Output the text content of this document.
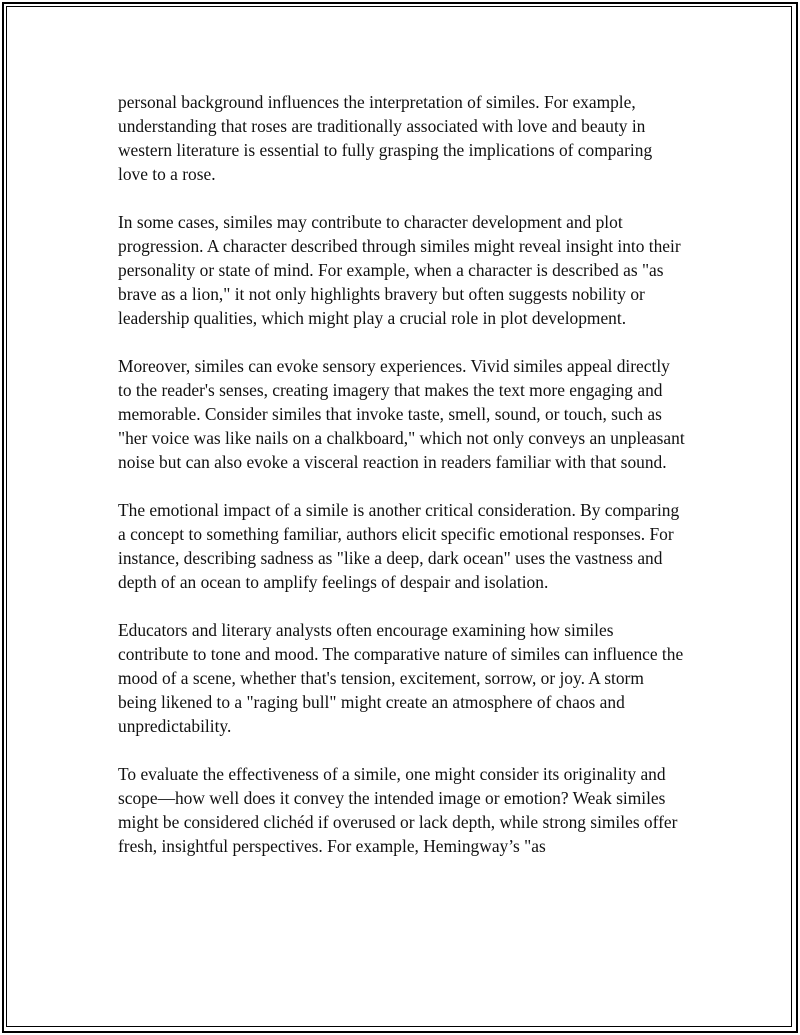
personal background influences the interpretation of similes. For example, understanding that roses are traditionally associated with love and beauty in western literature is essential to fully grasping the implications of comparing love to a rose.

In some cases, similes may contribute to character development and plot progression. A character described through similes might reveal insight into their personality or state of mind. For example, when a character is described as "as brave as a lion," it not only highlights bravery but often suggests nobility or leadership qualities, which might play a crucial role in plot development.

Moreover, similes can evoke sensory experiences. Vivid similes appeal directly to the reader's senses, creating imagery that makes the text more engaging and memorable. Consider similes that invoke taste, smell, sound, or touch, such as "her voice was like nails on a chalkboard," which not only conveys an unpleasant noise but can also evoke a visceral reaction in readers familiar with that sound.

The emotional impact of a simile is another critical consideration. By comparing a concept to something familiar, authors elicit specific emotional responses. For instance, describing sadness as "like a deep, dark ocean" uses the vastness and depth of an ocean to amplify feelings of despair and isolation.

Educators and literary analysts often encourage examining how similes contribute to tone and mood. The comparative nature of similes can influence the mood of a scene, whether that's tension, excitement, sorrow, or joy. A storm being likened to a "raging bull" might create an atmosphere of chaos and unpredictability.

To evaluate the effectiveness of a simile, one might consider its originality and scope—how well does it convey the intended image or emotion? Weak similes might be considered clichéd if overused or lack depth, while strong similes offer fresh, insightful perspectives. For example, Hemingway’s "as
